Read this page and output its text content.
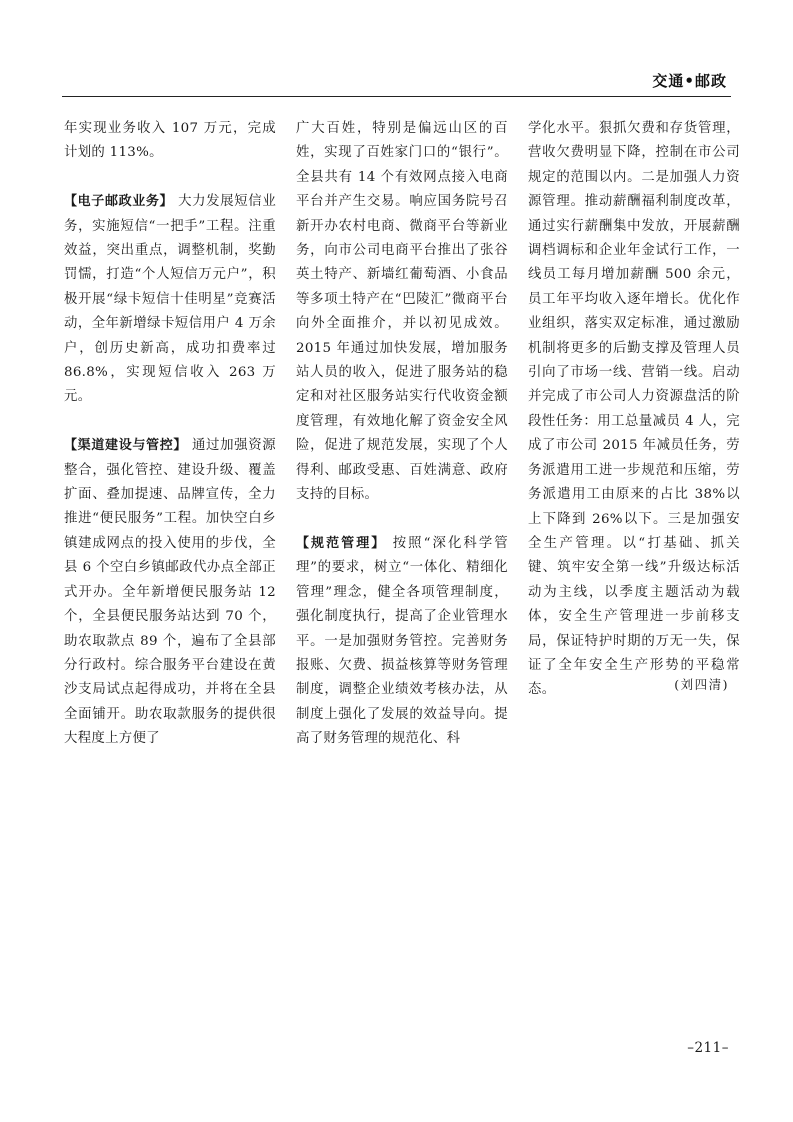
交通•邮政

年实现业务收入 107 万元，完成计划的 113%。

【电子邮政业务】 大力发展短信业务，实施短信“一把手”工程。注重效益，突出重点，调整机制，奖勤罚懦，打造“个人短信万元户”，积极开展“绿卡短信十佳明星”竞赛活动，全年新增绿卡短信用户 4 万余户，创历史新高，成功扣费率过 86.8%，实现短信收入 263 万元。

【渠道建设与管控】 通过加强资源整合，强化管控、建设升级、覆盖扩面、叠加提速、品牌宣传，全力推进“便民服务”工程。加快空白乡镇建成网点的投入使用的步伐，全县 6 个空白乡镇邮政代办点全部正式开办。全年新增便民服务站 12 个，全县便民服务站达到 70 个，助农取款点 89 个，遍布了全县部分行政村。综合服务平台建设在黄沙支局试点起得成功，并将在全县全面铺开。助农取款服务的提供很大程度上方便了

广大百姓，特别是偏远山区的百姓，实现了百姓家门口的“银行”。全县共有 14 个有效网点接入电商平台并产生交易。响应国务院号召新开办农村电商、微商平台等新业务，向市公司电商平台推出了张谷英土特产、新墙红葡萄酒、小食品等多项土特产在“巴陵汇”微商平台向外全面推介，并以初见成效。2015 年通过加快发展，增加服务站人员的收入，促进了服务站的稳定和对社区服务站实行代收资金额度管理，有效地化解了资金安全风险，促进了规范发展，实现了个人得利、邮政受惠、百姓满意、政府支持的目标。

【规范管理】 按照“深化科学管理”的要求，树立“一体化、精细化管理”理念，健全各项管理制度，强化制度执行，提高了企业管理水平。一是加强财务管控。完善财务报账、欠费、损益核算等财务管理制度，调整企业绩效考核办法，从制度上强化了发展的效益导向。提高了财务管理的规范化、科

学化水平。狠抓欠费和存货管理，营收欠费明显下降，控制在市公司规定的范围以内。二是加强人力资源管理。推动薪酬福利制度改革，通过实行薪酬集中发放，开展薪酬调档调标和企业年金试行工作，一线员工每月增加薪酬 500 余元，员工年平均收入逐年增长。优化作业组织，落实双定标准，通过激励机制将更多的后勤支撑及管理人员引向了市场一线、营销一线。启动并完成了市公司人力资源盘活的阶段性任务：用工总量减员 4 人，完成了市公司 2015 年减员任务，劳务派遣用工进一步规范和压缩，劳务派遣用工由原来的占比 38%以上下降到 26%以下。三是加强安全生产管理。以“打基础、抓关键、筑牢安全第一线”升级达标活动为主线，以季度主题活动为载体，安全生产管理进一步前移支局，保证特护时期的万无一失，保证了全年安全生产形势的平稳常态。	(刘四清)
–211–
